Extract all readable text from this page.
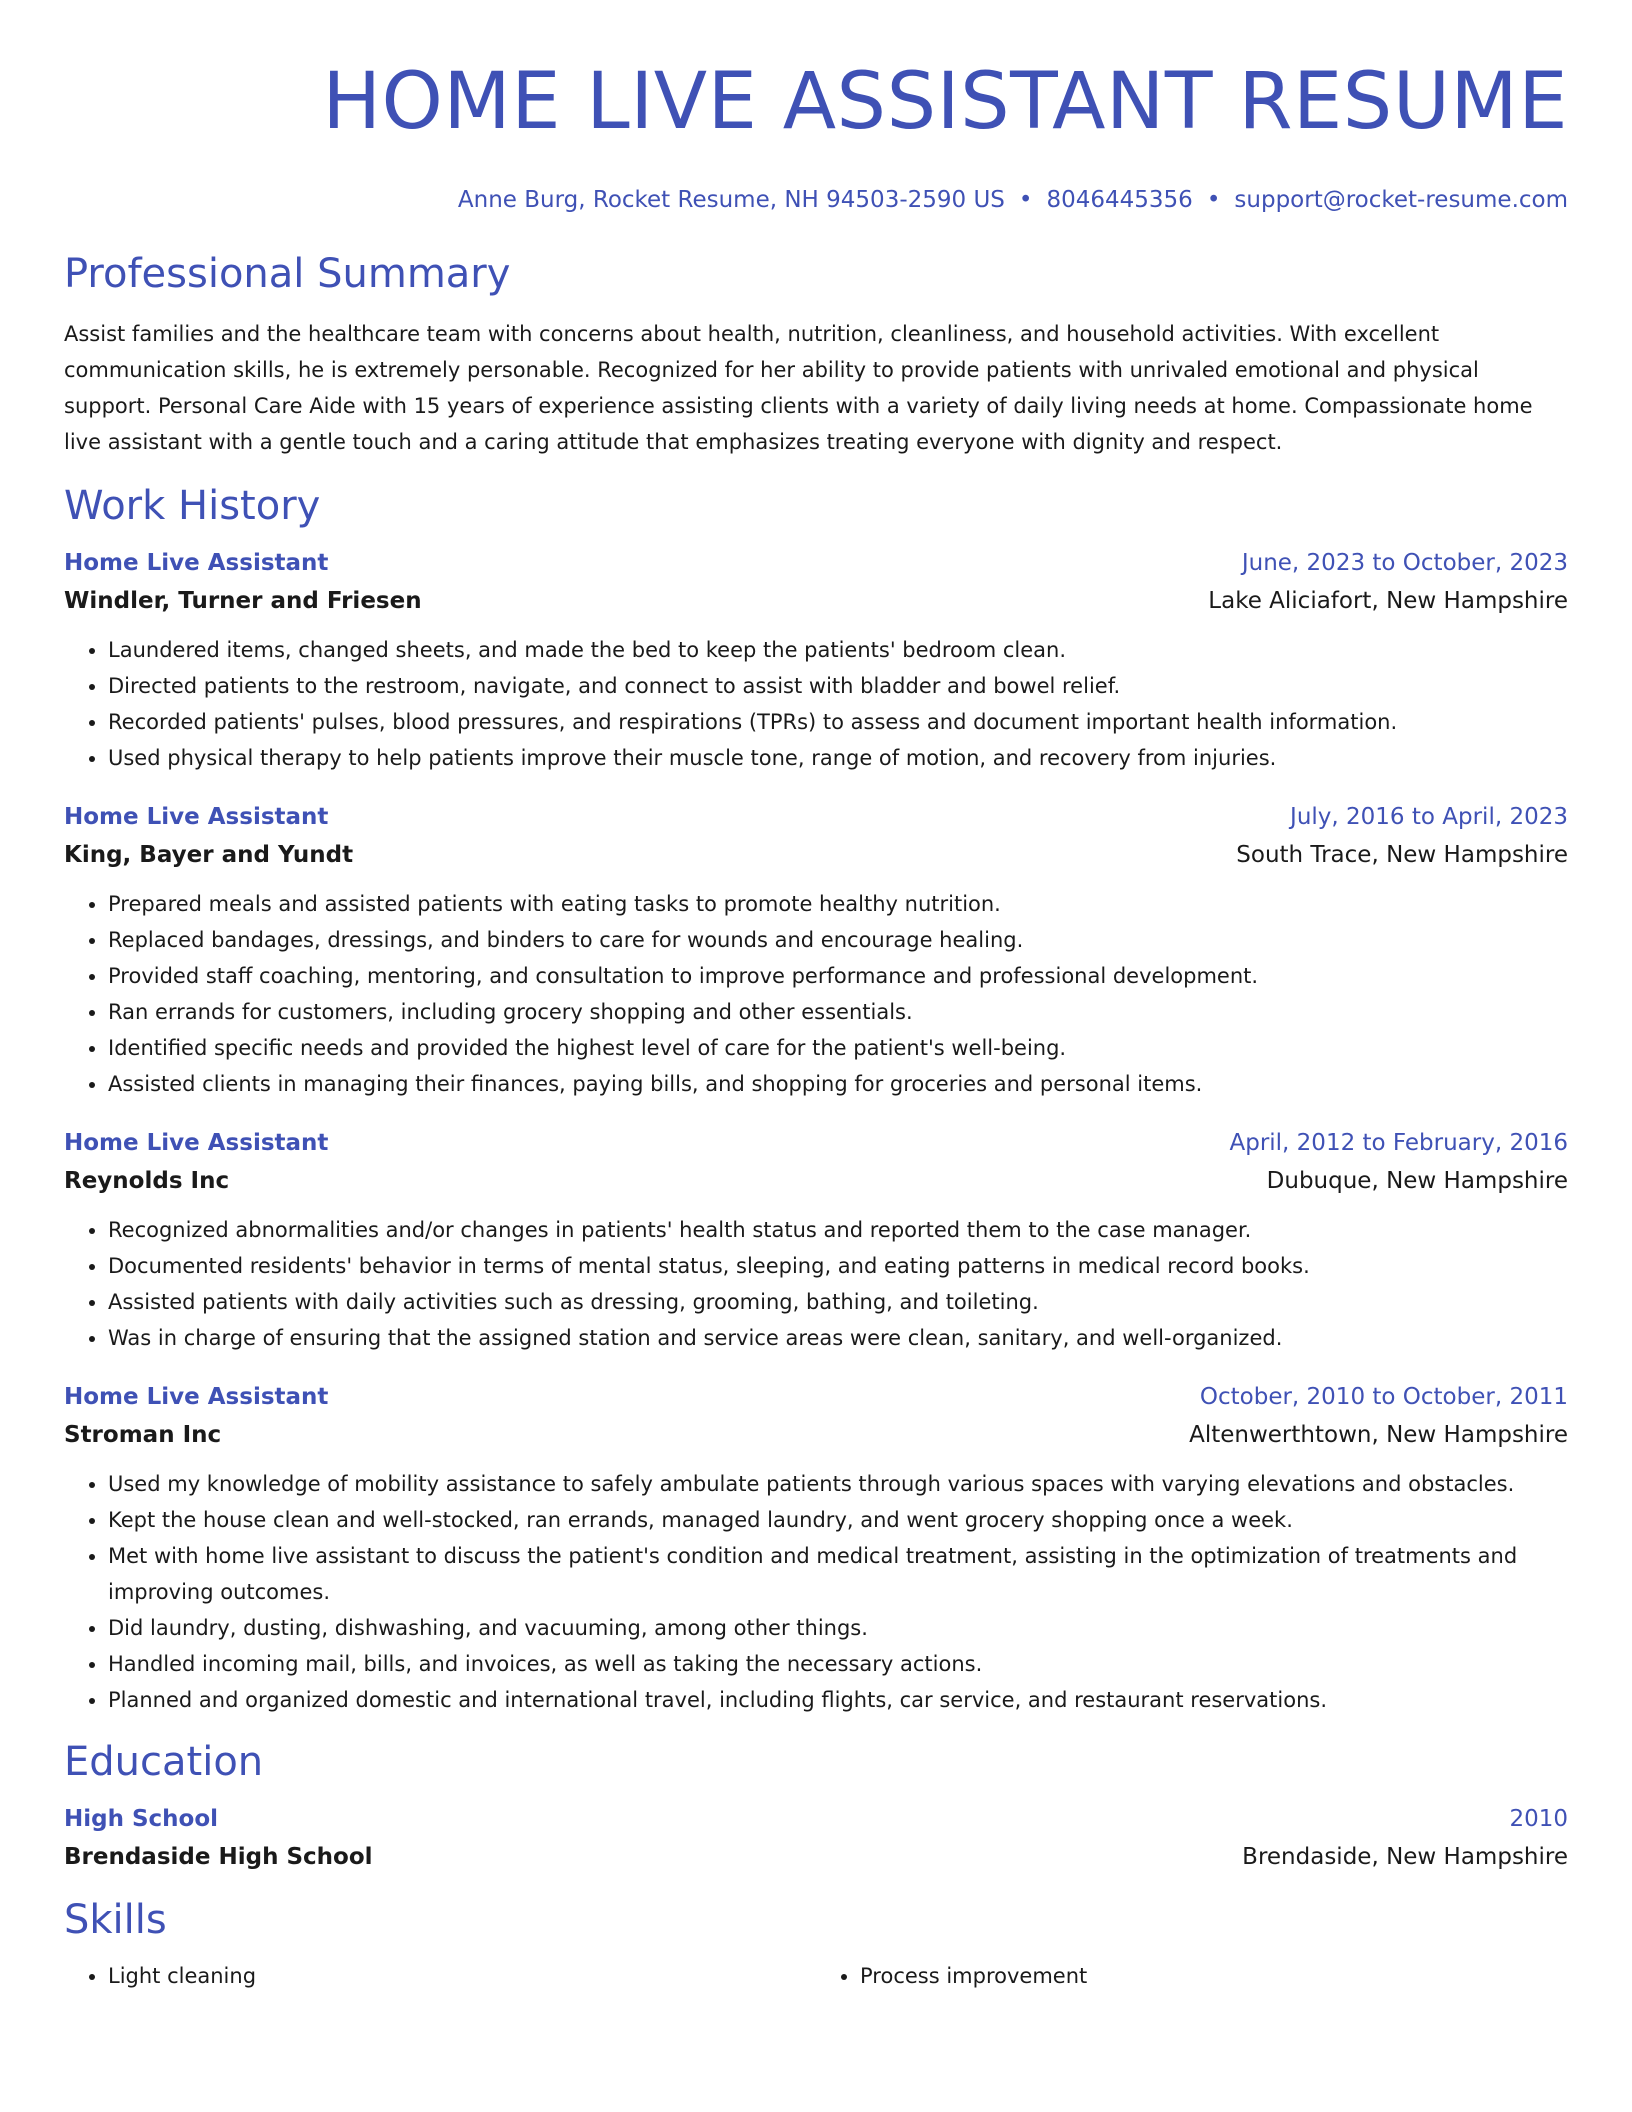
HOME LIVE ASSISTANT RESUME
Anne Burg, Rocket Resume, NH 94503-2590 US • 8046445356 • support@rocket-resume.com
Professional Summary

Assist families and the healthcare team with concerns about health, nutrition, cleanliness, and household activities. With excellent communication skills, he is extremely personable. Recognized for her ability to provide patients with unrivaled emotional and physical support. Personal Care Aide with 15 years of experience assisting clients with a variety of daily living needs at home. Compassionate home live assistant with a gentle touch and a caring attitude that emphasizes treating everyone with dignity and respect.

Work History
Home Live Assistant	June, 2023 to October, 2023
Windler, Turner and Friesen	Lake Aliciafort, New Hampshire
• Laundered items, changed sheets, and made the bed to keep the patients' bedroom clean.
• Directed patients to the restroom, navigate, and connect to assist with bladder and bowel relief.
• Recorded patients' pulses, blood pressures, and respirations (TPRs) to assess and document important health information.
• Used physical therapy to help patients improve their muscle tone, range of motion, and recovery from injuries.
Home Live Assistant	July, 2016 to April, 2023
King, Bayer and Yundt	South Trace, New Hampshire
• Prepared meals and assisted patients with eating tasks to promote healthy nutrition.
• Replaced bandages, dressings, and binders to care for wounds and encourage healing.
• Provided staff coaching, mentoring, and consultation to improve performance and professional development.
• Ran errands for customers, including grocery shopping and other essentials.
• Identified specific needs and provided the highest level of care for the patient's well-being.
• Assisted clients in managing their finances, paying bills, and shopping for groceries and personal items.
Home Live Assistant	April, 2012 to February, 2016
Reynolds Inc	Dubuque, New Hampshire
• Recognized abnormalities and/or changes in patients' health status and reported them to the case manager.
• Documented residents' behavior in terms of mental status, sleeping, and eating patterns in medical record books.
• Assisted patients with daily activities such as dressing, grooming, bathing, and toileting.
• Was in charge of ensuring that the assigned station and service areas were clean, sanitary, and well-organized.
Home Live Assistant	October, 2010 to October, 2011
Stroman Inc	Altenwerthtown, New Hampshire
• Used my knowledge of mobility assistance to safely ambulate patients through various spaces with varying elevations and obstacles.
• Kept the house clean and well-stocked, ran errands, managed laundry, and went grocery shopping once a week.
• Met with home live assistant to discuss the patient's condition and medical treatment, assisting in the optimization of treatments and improving outcomes.
• Did laundry, dusting, dishwashing, and vacuuming, among other things.
• Handled incoming mail, bills, and invoices, as well as taking the necessary actions.
• Planned and organized domestic and international travel, including flights, car service, and restaurant reservations.
Education
High School	2010
Brendaside High School	Brendaside, New Hampshire
Skills
• Light cleaning
•	Process improvement
